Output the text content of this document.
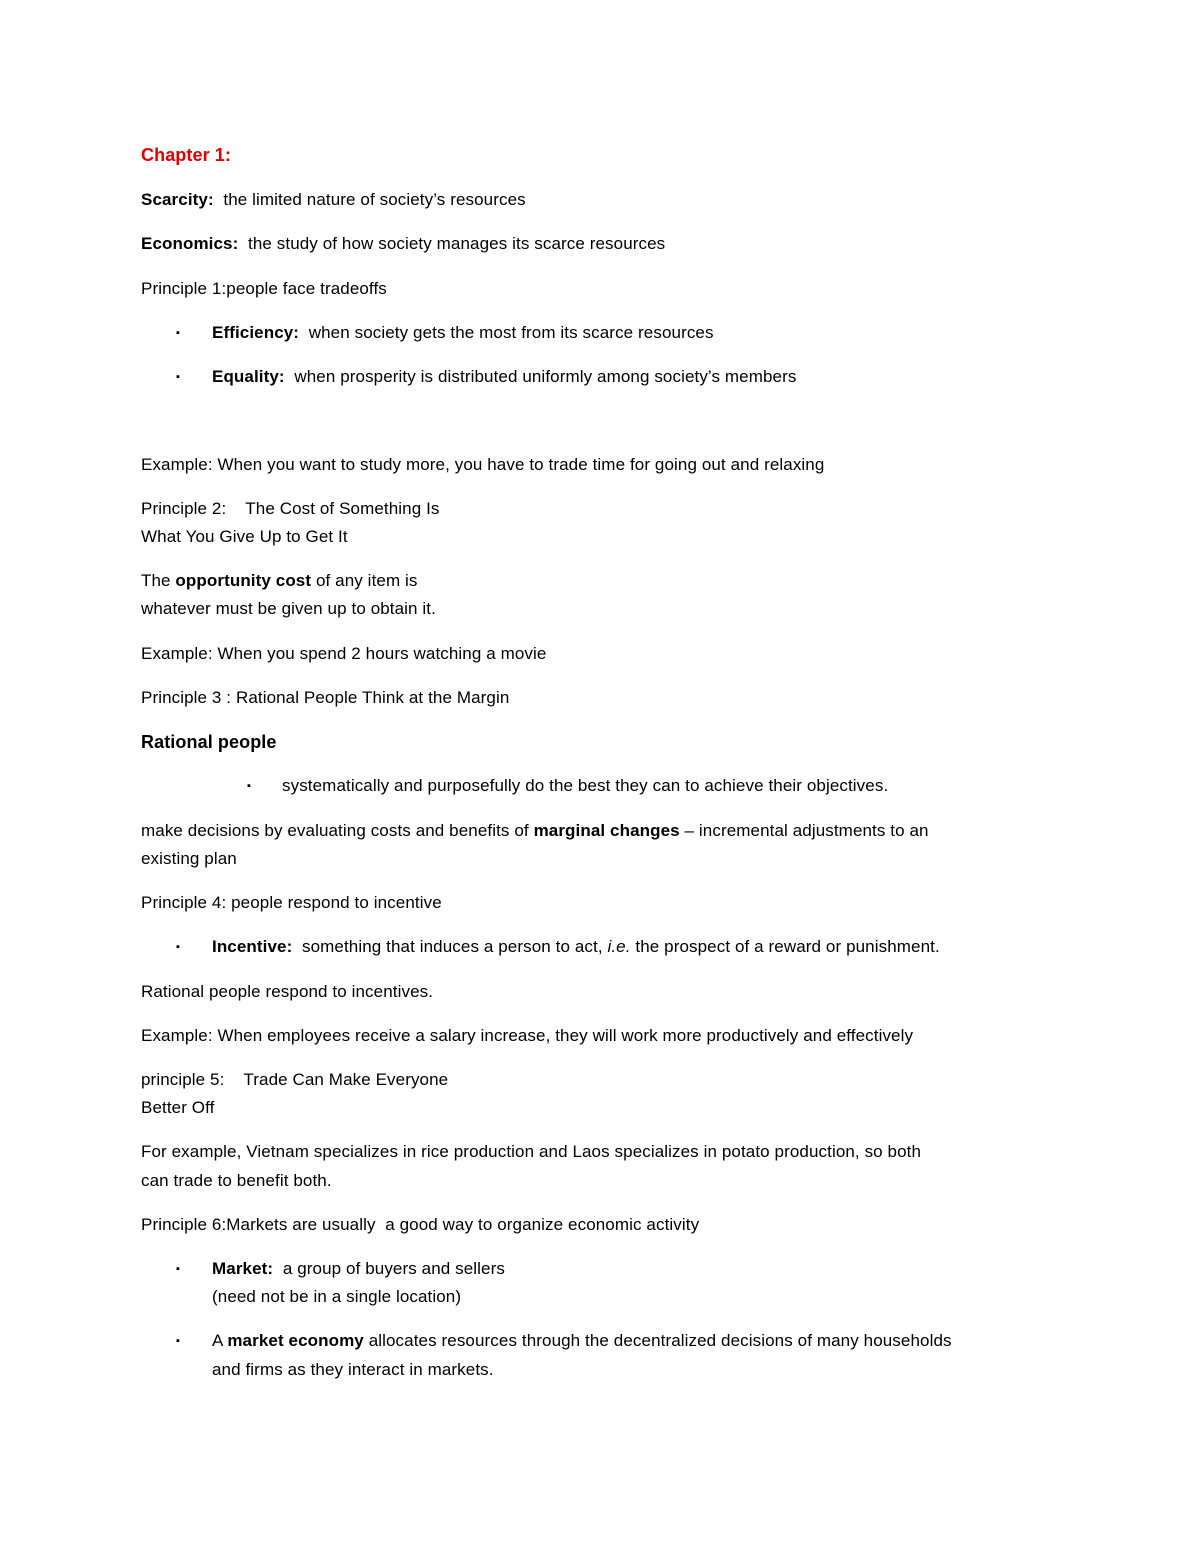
Chapter 1:
Scarcity: the limited nature of society’s resources
Economics: the study of how society manages its scarce resources
Principle 1:people face tradeoffs
▪ Efficiency: when society gets the most from its scarce resources
▪ Equality: when prosperity is distributed uniformly among society’s members
Example: When you want to study more, you have to trade time for going out and relaxing
Principle 2:    The Cost of Something Is
What You Give Up to Get It
The opportunity cost of any item is
whatever must be given up to obtain it.
Example: When you spend 2 hours watching a movie
Principle 3 : Rational People Think at the Margin
Rational people
▪ systematically and purposefully do the best they can to achieve their objectives.
make decisions by evaluating costs and benefits of marginal changes – incremental adjustments to an
existing plan
Principle 4: people respond to incentive
▪ Incentive: something that induces a person to act, i.e. the prospect of a reward or punishment.
Rational people respond to incentives.
Example: When employees receive a salary increase, they will work more productively and effectively
principle 5:    Trade Can Make Everyone
Better Off
For example, Vietnam specializes in rice production and Laos specializes in potato production, so both
can trade to benefit both.
Principle 6:Markets are usually  a good way to organize economic activity
▪ Market: a group of buyers and sellers
(need not be in a single location)
▪ A market economy allocates resources through the decentralized decisions of many households
and firms as they interact in markets.
